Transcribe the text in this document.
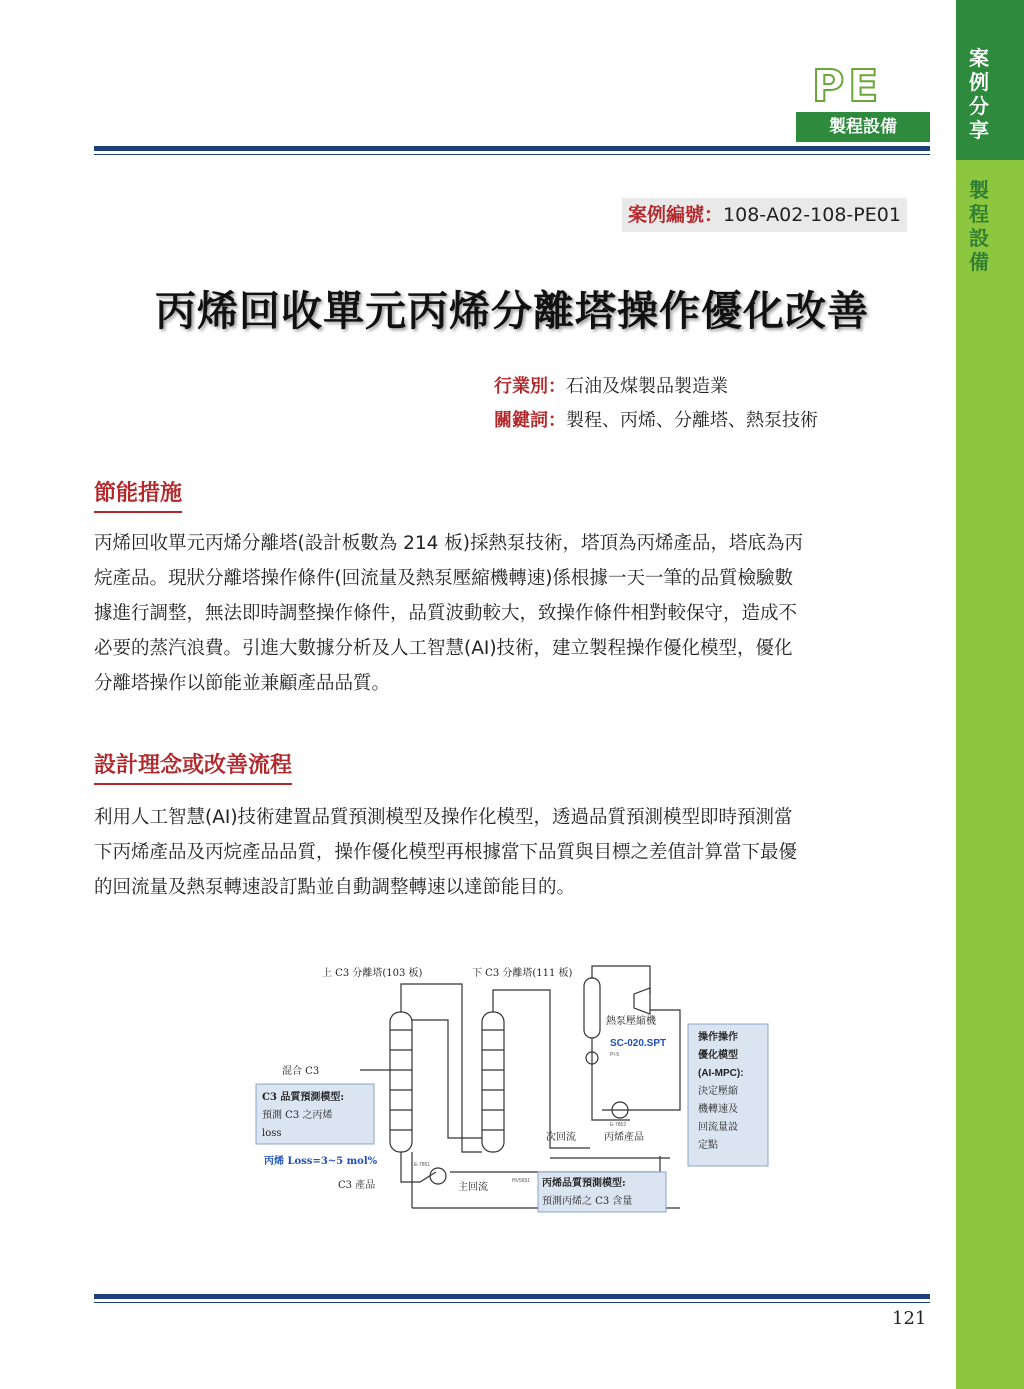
案
例
分
享
製
程
設
備
PE
製程設備
案例編號：108-A02-108-PE01
丙烯回收單元丙烯分離塔操作優化改善
行業別：石油及煤製品製造業
關鍵詞：製程、丙烯、分離塔、熱泵技術
節能措施
丙烯回收單元丙烯分離塔(設計板數為 214 板)採熱泵技術，塔頂為丙烯產品，塔底為丙
烷產品。現狀分離塔操作條件(回流量及熱泵壓縮機轉速)係根據一天一筆的品質檢驗數
據進行調整，無法即時調整操作條件，品質波動較大，致操作條件相對較保守，造成不
必要的蒸汽浪費。引進大數據分析及人工智慧(AI)技術，建立製程操作優化模型，優化
分離塔操作以節能並兼顧產品品質。
設計理念或改善流程
利用人工智慧(AI)技術建置品質預測模型及操作化模型，透過品質預測模型即時預測當
下丙烯產品及丙烷產品品質，操作優化模型再根據當下品質與目標之差值計算當下最優
的回流量及熱泵轉速設訂點並自動調整轉速以達節能目的。
上 C3 分離塔(103 板)	下 C3 分離塔(111 板)
熱泵壓縮機
SC-020.SPT
混合 C3
C3 品質預測模型:
預測 C3 之丙烯
loss
丙烯 Loss=3~5 mol%
C3 產品	主回流
次回流	丙烯產品
丙烯品質預測模型:
預測丙烯之 C3 含量
操作操作
優化模型
(AI-MPC):
決定壓縮
機轉速及
回流量設
定點
E-7851
HV5651
E-7852
PI-5
121
